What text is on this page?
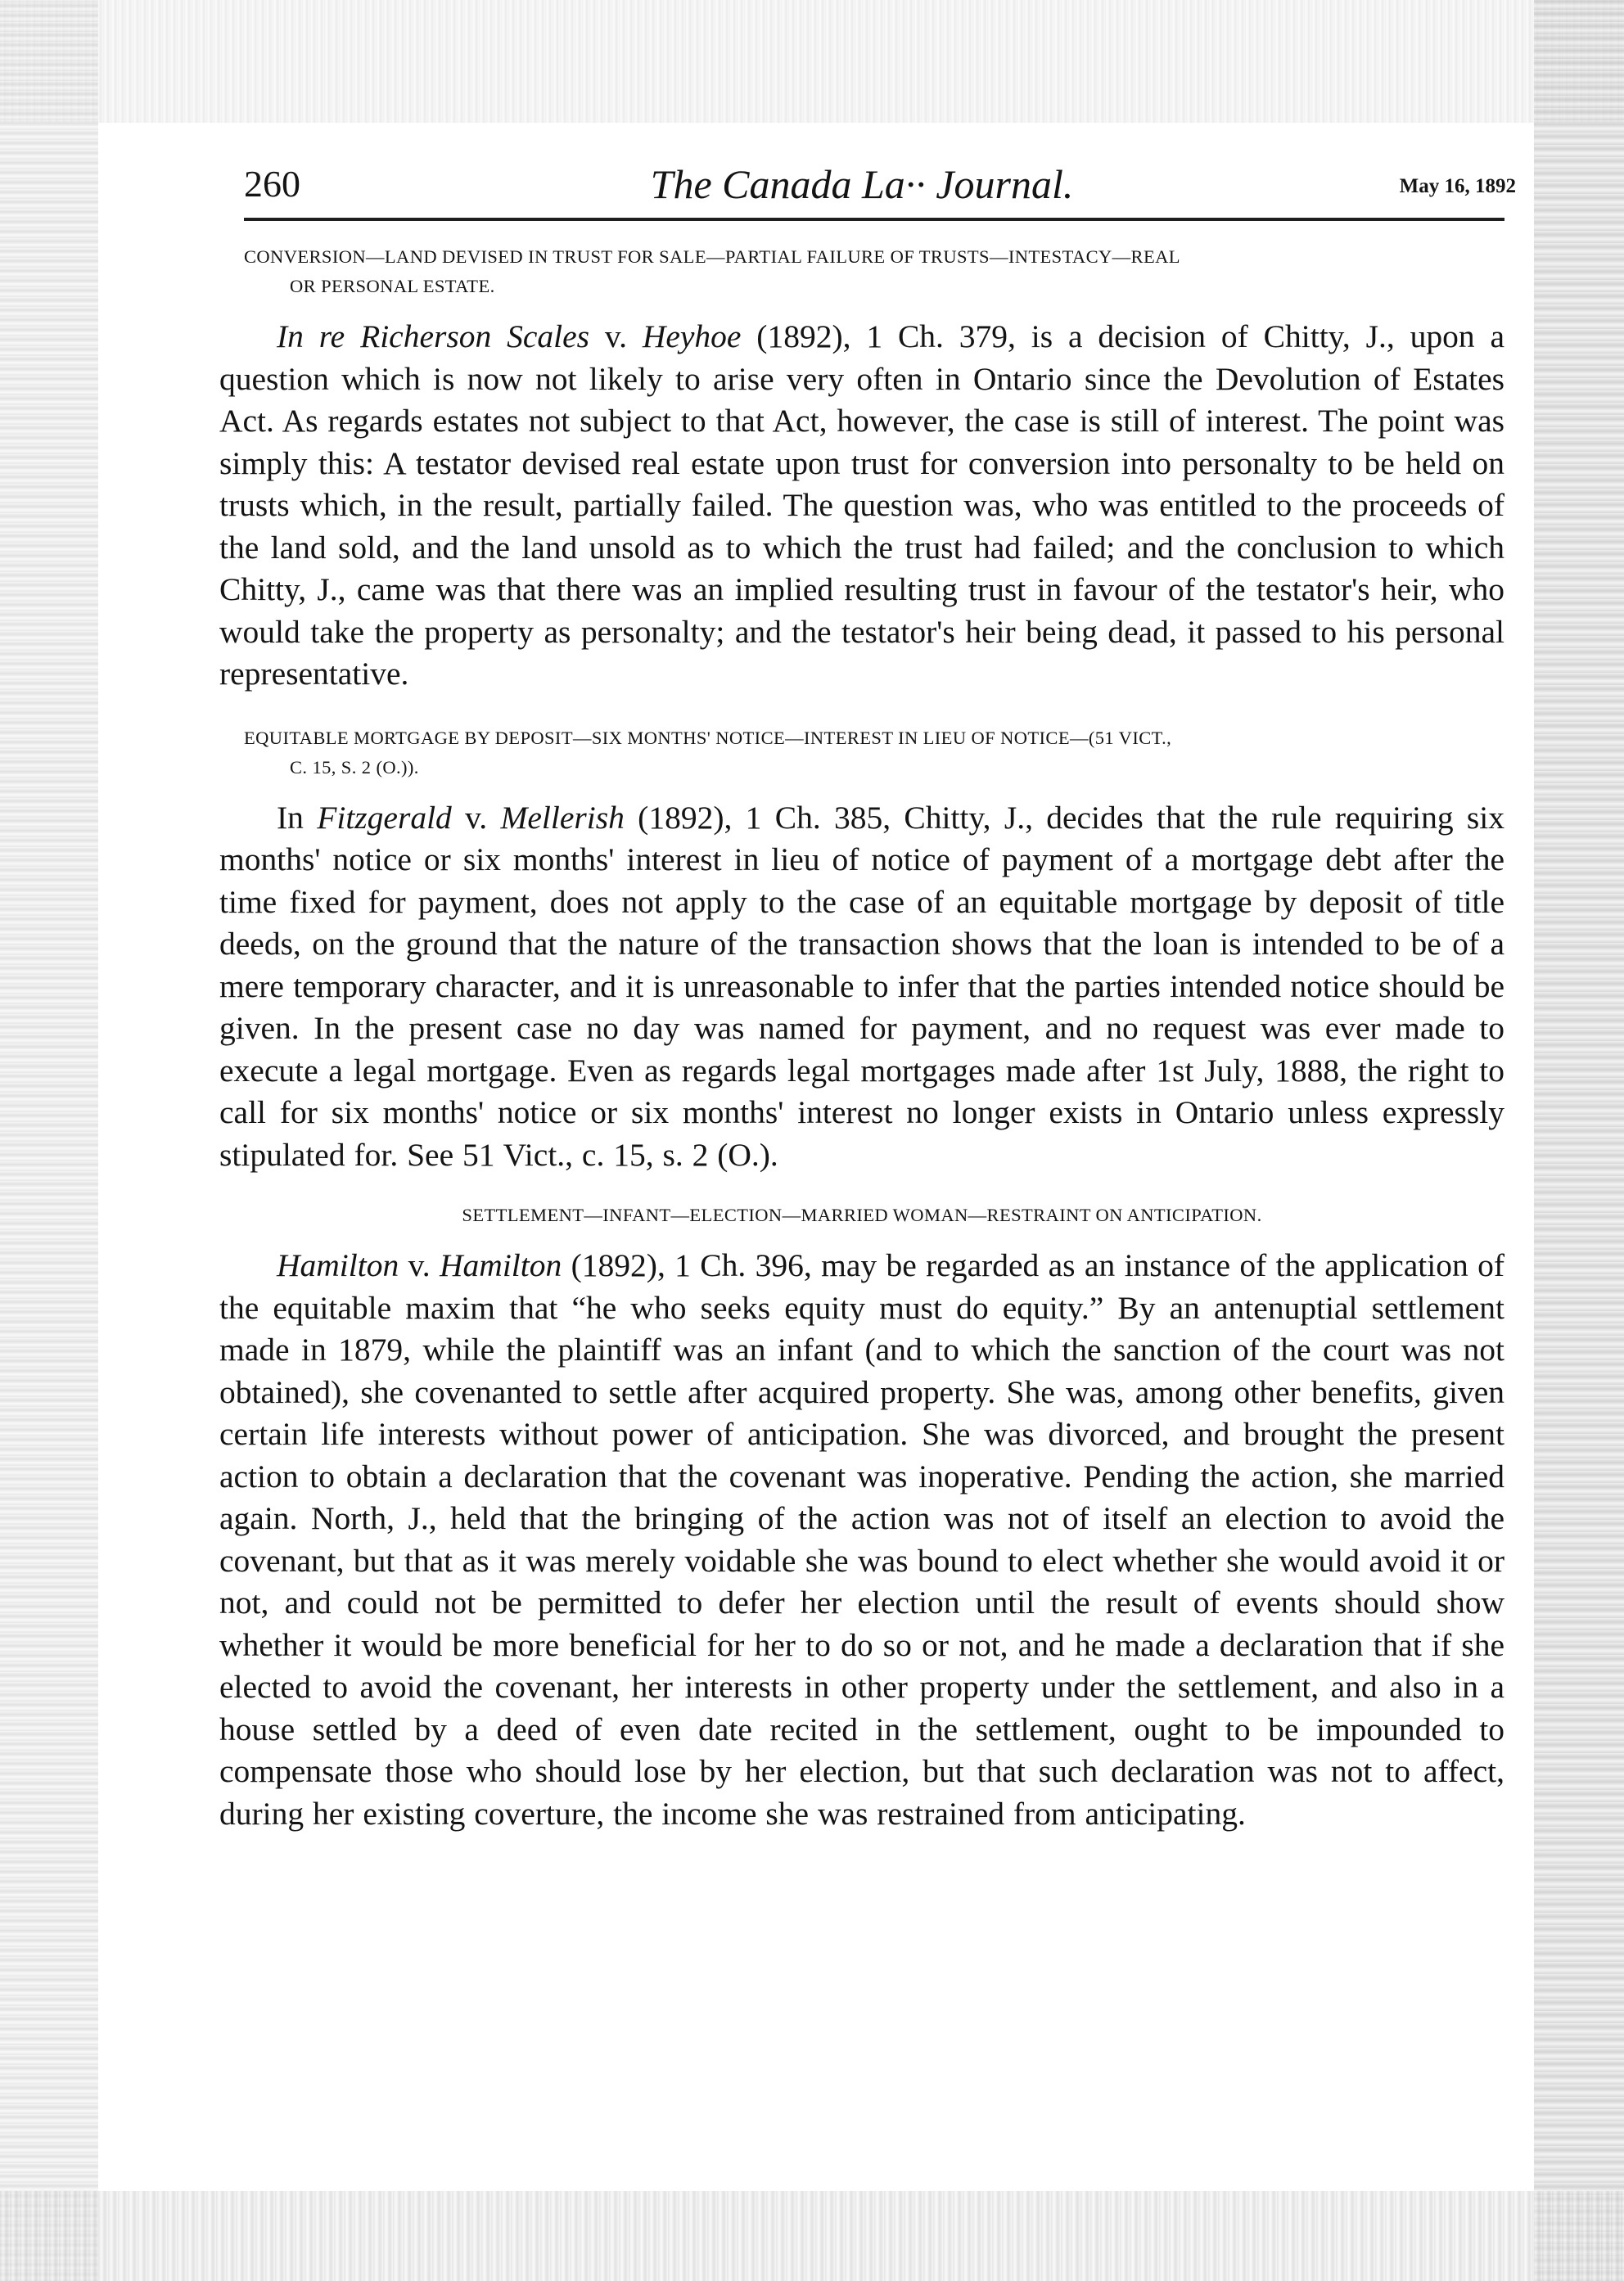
260	The Canada La·· Journal.	May 16, 1892
CONVERSION—LAND DEVISED IN TRUST FOR SALE—PARTIAL FAILURE OF TRUSTS—INTESTACY—REAL
OR PERSONAL ESTATE.

In re Richerson Scales v. Heyhoe (1892), 1 Ch. 379, is a decision of Chitty, J., upon a question which is now not likely to arise very often in Ontario since the Devolution of Estates Act. As regards estates not subject to that Act, however, the case is still of interest. The point was simply this: A testator devised real estate upon trust for conversion into personalty to be held on trusts which, in the result, partially failed. The question was, who was entitled to the proceeds of the land sold, and the land unsold as to which the trust had failed; and the conclusion to which Chitty, J., came was that there was an implied resulting trust in favour of the testator's heir, who would take the property as personalty; and the testator's heir being dead, it passed to his personal representative.

EQUITABLE MORTGAGE BY DEPOSIT—SIX MONTHS' NOTICE—INTEREST IN LIEU OF NOTICE—(51 VICT.,
C. 15, S. 2 (O.)).

In Fitzgerald v. Mellerish (1892), 1 Ch. 385, Chitty, J., decides that the rule requiring six months' notice or six months' interest in lieu of notice of payment of a mortgage debt after the time fixed for payment, does not apply to the case of an equitable mortgage by deposit of title deeds, on the ground that the nature of the transaction shows that the loan is intended to be of a mere temporary character, and it is unreasonable to infer that the parties intended notice should be given. In the present case no day was named for payment, and no request was ever made to execute a legal mortgage. Even as regards legal mortgages made after 1st July, 1888, the right to call for six months' notice or six months' interest no longer exists in Ontario unless expressly stipulated for. See 51 Vict., c. 15, s. 2 (O.).

SETTLEMENT—INFANT—ELECTION—MARRIED WOMAN—RESTRAINT ON ANTICIPATION.

Hamilton v. Hamilton (1892), 1 Ch. 396, may be regarded as an instance of the application of the equitable maxim that “he who seeks equity must do equity.” By an antenuptial settlement made in 1879, while the plaintiff was an infant (and to which the sanction of the court was not obtained), she covenanted to settle after acquired property. She was, among other benefits, given certain life interests without power of anticipation. She was divorced, and brought the present action to obtain a declaration that the covenant was inoperative. Pending the action, she married again. North, J., held that the bringing of the action was not of itself an election to avoid the covenant, but that as it was merely voidable she was bound to elect whether she would avoid it or not, and could not be permitted to defer her election until the result of events should show whether it would be more beneficial for her to do so or not, and he made a declaration that if she elected to avoid the covenant, her interests in other property under the settlement, and also in a house settled by a deed of even date recited in the settlement, ought to be impounded to compensate those who should lose by her election, but that such declaration was not to affect, during her existing coverture, the income she was restrained from anticipating.
